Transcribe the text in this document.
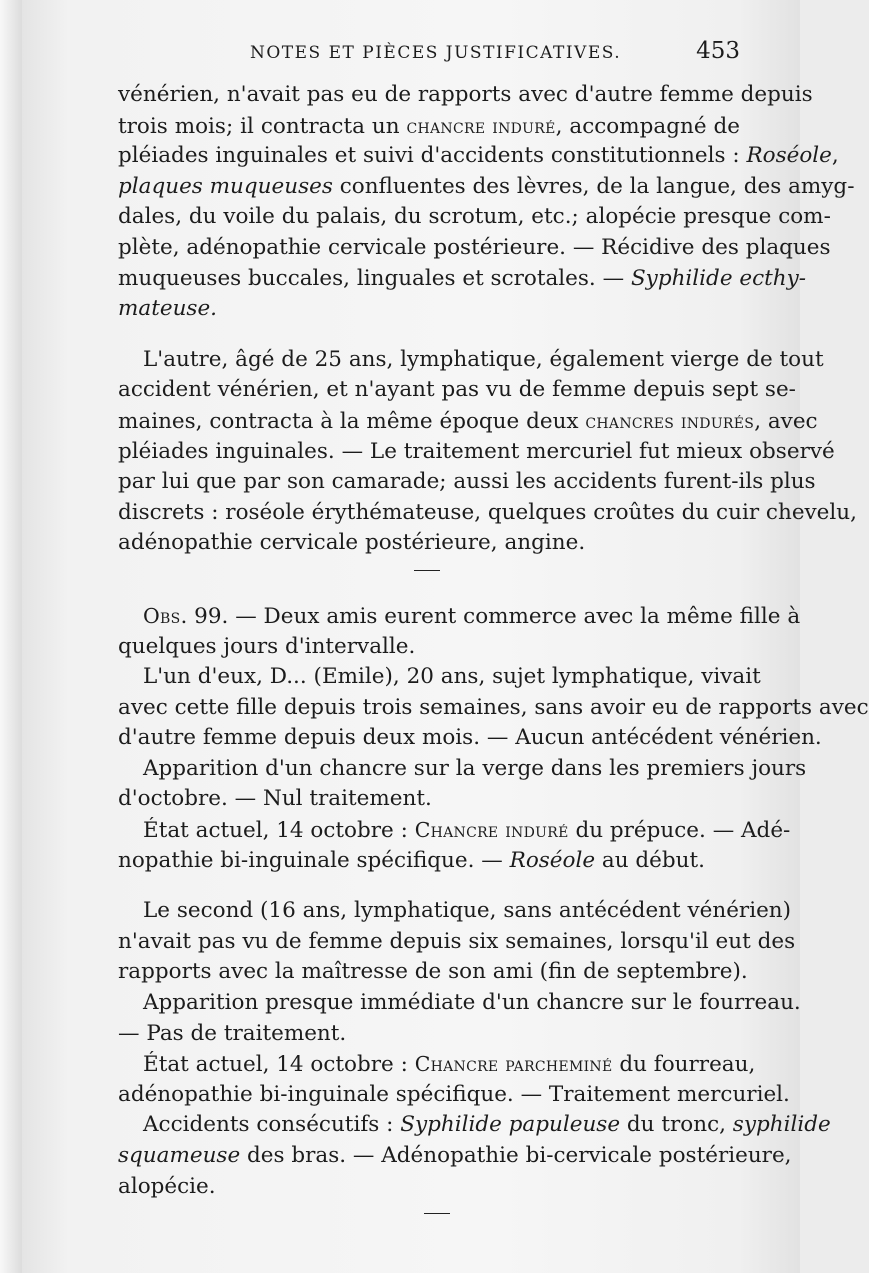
NOTES ET PIÈCES JUSTIFICATIVES.	453
vénérien, n'avait pas eu de rapports avec d'autre femme depuis
trois mois; il contracta un chancre induré, accompagné de
pléiades inguinales et suivi d'accidents constitutionnels : Roséole,
plaques muqueuses confluentes des lèvres, de la langue, des amyg-
dales, du voile du palais, du scrotum, etc.; alopécie presque com-
plète, adénopathie cervicale postérieure. — Récidive des plaques
muqueuses buccales, linguales et scrotales. — Syphilide ecthy-
mateuse.
L'autre, âgé de 25 ans, lymphatique, également vierge de tout
accident vénérien, et n'ayant pas vu de femme depuis sept se-
maines, contracta à la même époque deux chancres indurés, avec
pléiades inguinales. — Le traitement mercuriel fut mieux observé
par lui que par son camarade; aussi les accidents furent-ils plus
discrets : roséole érythémateuse, quelques croûtes du cuir chevelu,
adénopathie cervicale postérieure, angine.
Obs. 99. — Deux amis eurent commerce avec la même fille à
quelques jours d'intervalle.
L'un d'eux, D... (Emile), 20 ans, sujet lymphatique, vivait
avec cette fille depuis trois semaines, sans avoir eu de rapports avec
d'autre femme depuis deux mois. — Aucun antécédent vénérien.
Apparition d'un chancre sur la verge dans les premiers jours
d'octobre. — Nul traitement.
État actuel, 14 octobre : Chancre induré du prépuce. — Adé-
nopathie bi-inguinale spécifique. — Roséole au début.
Le second (16 ans, lymphatique, sans antécédent vénérien)
n'avait pas vu de femme depuis six semaines, lorsqu'il eut des
rapports avec la maîtresse de son ami (fin de septembre).
Apparition presque immédiate d'un chancre sur le fourreau.
— Pas de traitement.
État actuel, 14 octobre : Chancre parcheminé du fourreau,
adénopathie bi-inguinale spécifique. — Traitement mercuriel.
Accidents consécutifs : Syphilide papuleuse du tronc, syphilide
squameuse des bras. — Adénopathie bi-cervicale postérieure,
alopécie.
